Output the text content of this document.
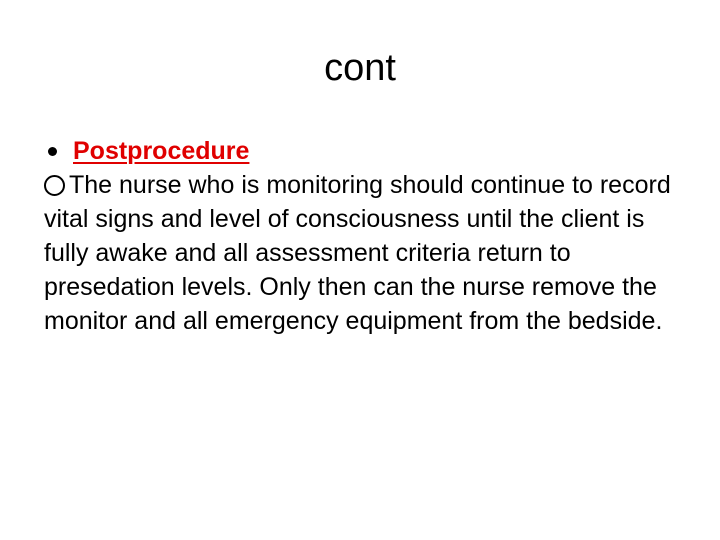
cont
Postprocedure

The nurse who is monitoring should continue to record vital signs and level of consciousness until the client is fully awake and all assessment criteria return to presedation levels. Only then can the nurse remove the monitor and all emergency equipment from the bedside.
